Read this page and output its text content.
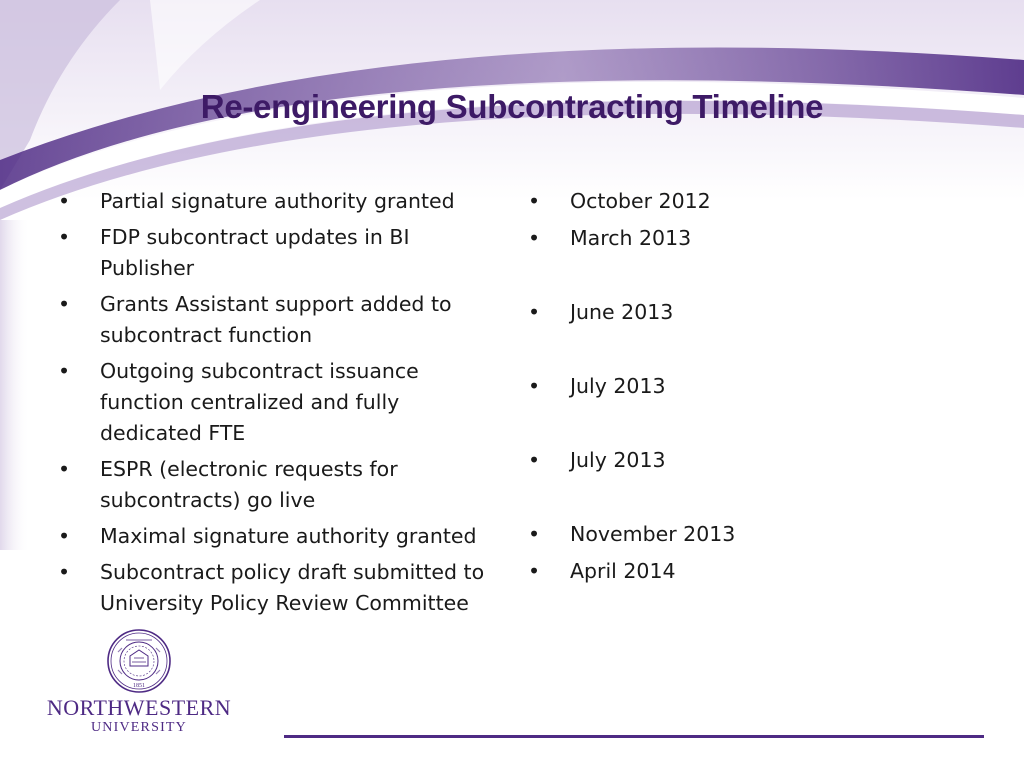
Re-engineering Subcontracting Timeline
• Partial signature authority granted
• FDP subcontract updates in BI Publisher
• Grants Assistant support added to subcontract function
• Outgoing subcontract issuance function centralized and fully dedicated FTE
• ESPR (electronic requests for subcontracts) go live
• Maximal signature authority granted
• Subcontract policy draft submitted to University Policy Review Committee
• October 2012
• March 2013
• June 2013
• July 2013
• July 2013
• November 2013
• April 2014
1851
NORTHWESTERN
UNIVERSITY
